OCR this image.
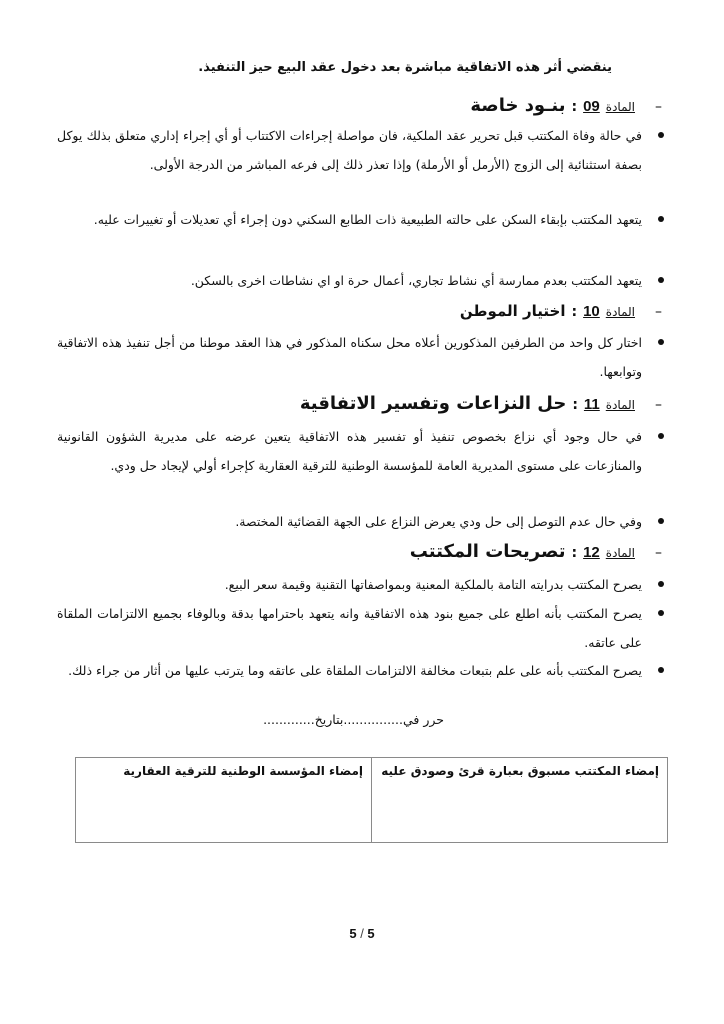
ينقضي أثر هذه الاتفاقية مباشرة بعد دخول عقد البيع حيز التنفيذ.
–
المادة
09
:
بنـود خاصة
في حالة وفاة المكتتب قبل تحرير عقد الملكية، فان مواصلة إجراءات الاكتتاب أو أي إجراء إداري متعلق بذلك يوكل بصفة استثنائية إلى الزوج (الأرمل أو الأرملة) وإذا تعذر ذلك إلى فرعه المباشر من الدرجة الأولى.
يتعهد المكتتب بإبقاء السكن على حالته الطبيعية ذات الطابع السكني دون إجراء أي تعديلات أو تغييرات عليه.
يتعهد المكتتب بعدم ممارسة أي نشاط تجاري، أعمال حرة او اي نشاطات اخرى بالسكن.
–
المادة
10
:
اختيار الموطن
اختار كل واحد من الطرفين المذكورين أعلاه محل سكناه المذكور في هذا العقد موطنا من أجل تنفيذ هذه الاتفاقية وتوابعها.
–
المادة
11
:
حل النزاعات وتفسير الاتفاقية
في حال وجود أي نزاع بخصوص تنفيذ أو تفسير هذه الاتفاقية يتعين عرضه على مديرية الشؤون القانونية والمنازعات على مستوى المديرية العامة للمؤسسة الوطنية للترقية العقارية كإجراء أولي لإيجاد حل ودي.
وفي حال عدم التوصل إلى حل ودي يعرض النزاع على الجهة القضائية المختصة.
–
المادة
12
:
تصريحات المكتتب
يصرح المكتتب بدرايته التامة بالملكية المعنية وبمواصفاتها التقنية وقيمة سعر البيع.
يصرح المكتتب بأنه اطلع على جميع بنود هذه الاتفاقية وانه يتعهد باحترامها بدقة وبالوفاء بجميع الالتزامات الملقاة على عاتقه.
يصرح المكتتب بأنه على علم بتبعات مخالفة الالتزامات الملقاة على عاتقه وما يترتب عليها من أثار من جراء ذلك.
حرر في...............بتاريخ.............
إمضاء المكتتب مسبوق بعبارة قرئ وصودق عليه	إمضاء المؤسسة الوطنية للترقية العقارية
5 / 5
